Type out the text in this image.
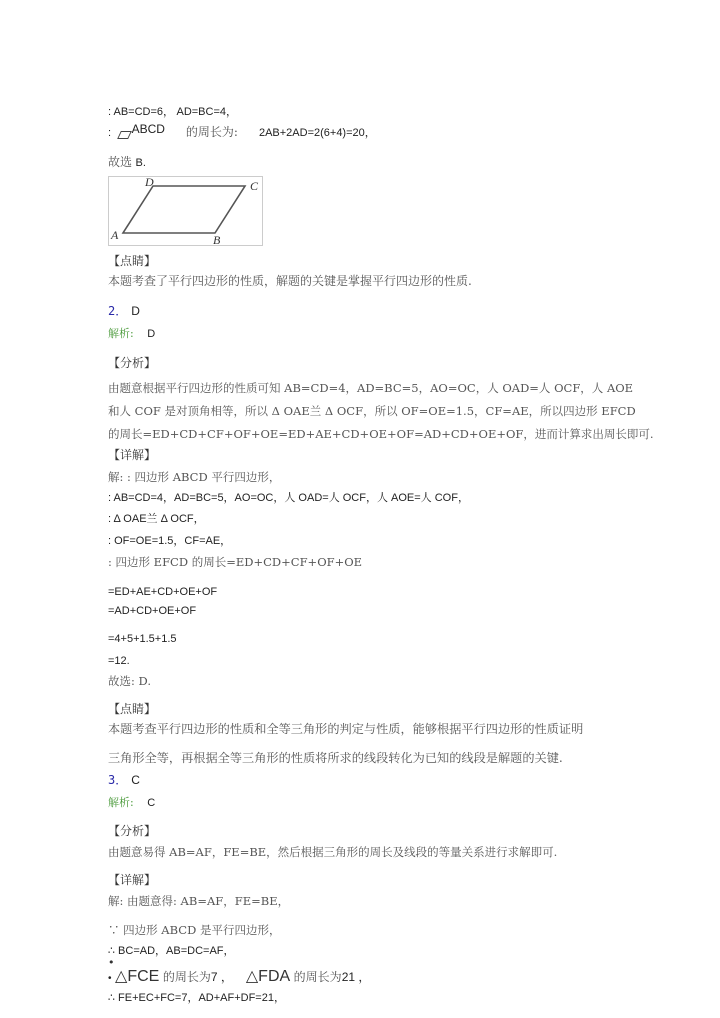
: AB=CD=6， AD=BC=4，
: ABCD 的周长为: 2AB+2AD=2(6+4)=20，
故选 B.
A	B
C
D
【点睛】
本题考查了平行四边形的性质，解题的关键是掌握平行四边形的性质.
2． D
解析: D
【分析】
由题意根据平行四边形的性质可知 AB=CD=4，AD=BC=5，AO=OC，人 OAD=人 OCF，人 AOE
和人 COF 是对顶角相等，所以 Δ OAE兰 Δ OCF，所以 OF=OE=1.5，CF=AE，所以四边形 EFCD
的周长=ED+CD+CF+OF+OE=ED+AE+CD+OE+OF=AD+CD+OE+OF，进而计算求出周长即可.
【详解】
解: : 四边形 ABCD 平行四边形，
: AB=CD=4，AD=BC=5，AO=OC，人 OAD=人 OCF，人 AOE=人 COF，
: Δ OAE兰 Δ OCF，
: OF=OE=1.5，CF=AE，
: 四边形 EFCD 的周长=ED+CD+CF+OF+OE
=ED+AE+CD+OE+OF
=AD+CD+OE+OF
=4+5+1.5+1.5
=12.
故选: D.
【点睛】
本题考查平行四边形的性质和全等三角形的判定与性质，能够根据平行四边形的性质证明
三角形全等，再根据全等三角形的性质将所求的线段转化为已知的线段是解题的关键.
3． C
解析: C
【分析】
由题意易得 AB=AF，FE=BE，然后根据三角形的周长及线段的等量关系进行求解即可.
【详解】
解: 由题意得: AB=AF，FE=BE，
∵ 四边形 ABCD 是平行四边形，
∴ BC=AD，AB=DC=AF，
•
• △FCE 的周长为7 ， △FDA 的周长为21 ，
∴ FE+EC+FC=7，AD+AF+DF=21，
